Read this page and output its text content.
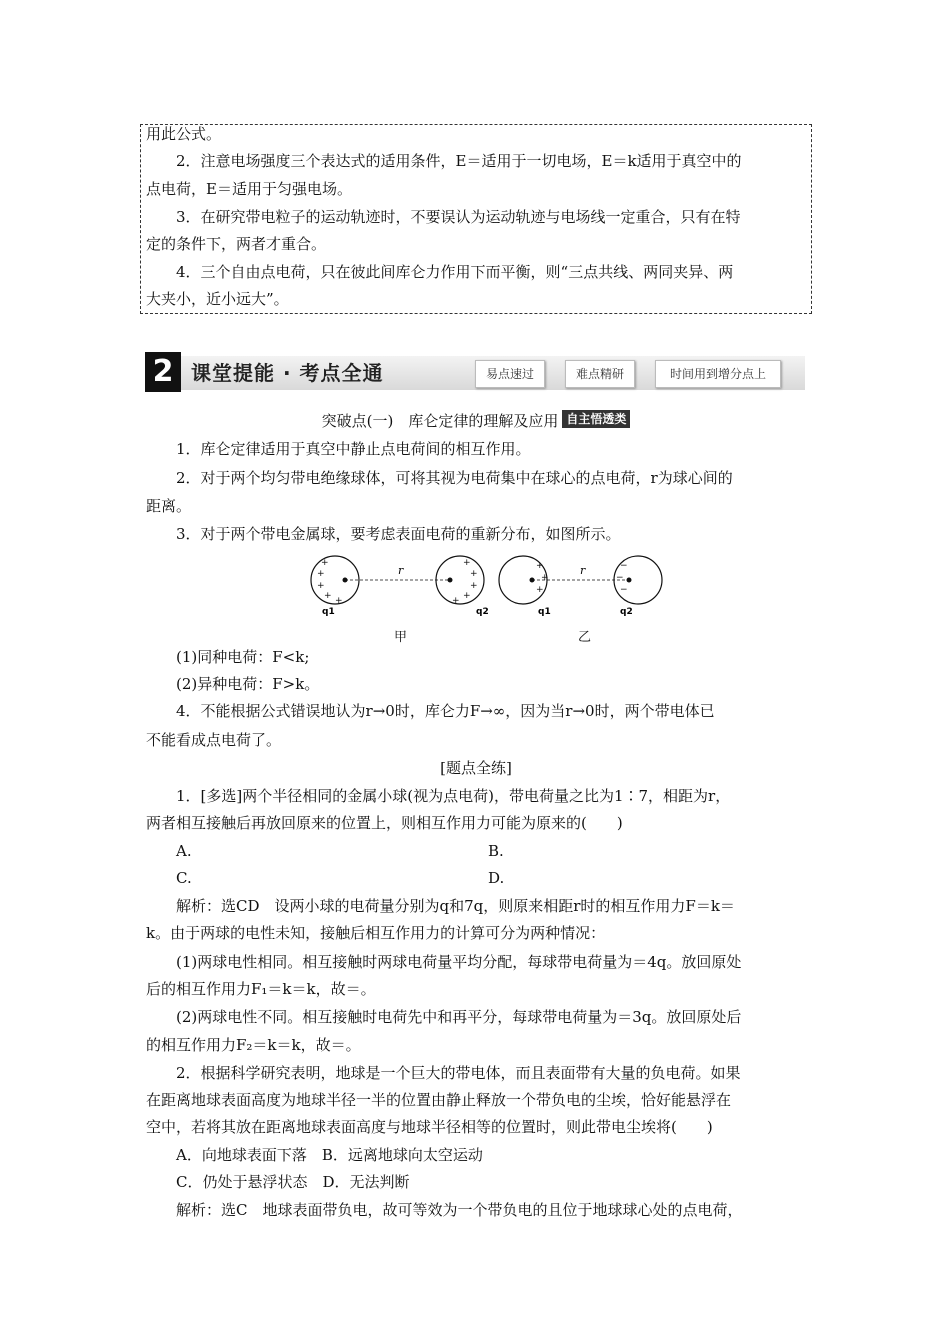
用此公式。

2．注意电场强度三个表达式的适用条件，E＝适用于一切电场，E＝k适用于真空中的

点电荷，E＝适用于匀强电场。

3．在研究带电粒子的运动轨迹时，不要误认为运动轨迹与电场线一定重合，只有在特

定的条件下，两者才重合。

4．三个自由点电荷，只在彼此间库仑力作用下而平衡，则“三点共线、两同夹异、两

大夹小，近小远大”。

2 课堂提能 · 考点全通	易点速过	难点精研	时间用到增分点上

突破点(一)　库仑定律的理解及应用 自主悟透类

1．库仑定律适用于真空中静止点电荷间的相互作用。

2．对于两个均匀带电绝缘球体，可将其视为电荷集中在球心的点电荷，r为球心间的

距离。

3．对于两个带电金属球，要考虑表面电荷的重新分布，如图所示。

+
+
+
+ +
+
+
+
+
+
+
+
+
−
−
−
r	r
q1	q2	q1	q2
甲	乙

(1)同种电荷：F<k;

(2)异种电荷：F>k。

4．不能根据公式错误地认为r→0时，库仑力F→∞，因为当r→0时，两个带电体已

不能看成点电荷了。

[题点全练]

1．[多选]两个半径相同的金属小球(视为点电荷)，带电荷量之比为1∶7，相距为r，

两者相互接触后再放回原来的位置上，则相互作用力可能为原来的(　　)

A.	B.

C.	D.

解析：选CD　设两小球的电荷量分别为q和7q，则原来相距r时的相互作用力F＝k＝

k。由于两球的电性未知，接触后相互作用力的计算可分为两种情况：

(1)两球电性相同。相互接触时两球电荷量平均分配，每球带电荷量为＝4q。放回原处

后的相互作用力F₁＝k＝k，故＝。

(2)两球电性不同。相互接触时电荷先中和再平分，每球带电荷量为＝3q。放回原处后

的相互作用力F₂＝k＝k，故＝。

2．根据科学研究表明，地球是一个巨大的带电体，而且表面带有大量的负电荷。如果

在距离地球表面高度为地球半径一半的位置由静止释放一个带负电的尘埃，恰好能悬浮在

空中，若将其放在距离地球表面高度与地球半径相等的位置时，则此带电尘埃将(　　)

A．向地球表面下落　B．远离地球向太空运动

C．仍处于悬浮状态　D．无法判断

解析：选C　地球表面带负电，故可等效为一个带负电的且位于地球球心处的点电荷，
